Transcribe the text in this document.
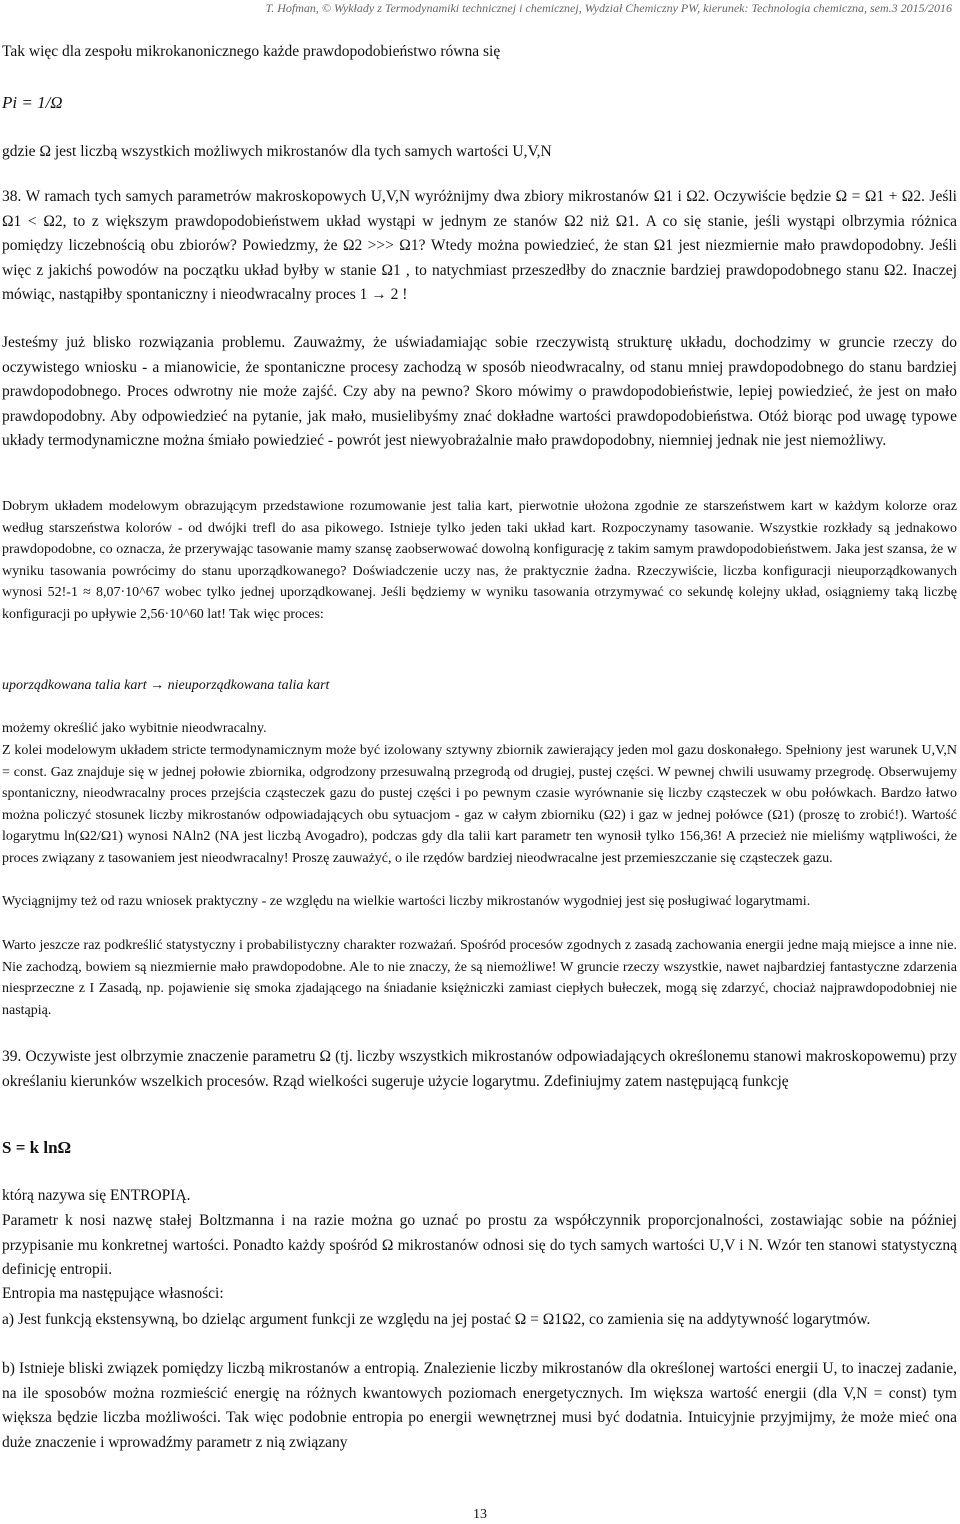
T. Hofman, © Wykłady z Termodynamiki technicznej i chemicznej, Wydział Chemiczny PW, kierunek: Technologia chemiczna, sem.3 2015/2016

Tak więc dla zespołu mikrokanonicznego każde prawdopodobieństwo równa się

Pi = 1/Ω

gdzie Ω jest liczbą wszystkich możliwych mikrostanów dla tych samych wartości U,V,N

38. W ramach tych samych parametrów makroskopowych U,V,N wyróżnijmy dwa zbiory mikrostanów Ω1 i Ω2. Oczywiście będzie Ω = Ω1 + Ω2. Jeśli Ω1 < Ω2, to z większym prawdopodobieństwem układ wystąpi w jednym ze stanów Ω2 niż Ω1. A co się stanie, jeśli wystąpi olbrzymia różnica pomiędzy liczebnością obu zbiorów? Powiedzmy, że Ω2 >>> Ω1? Wtedy można powiedzieć, że stan Ω1 jest niezmiernie mało prawdopodobny. Jeśli więc z jakichś powodów na początku układ byłby w stanie Ω1 , to natychmiast przeszedłby do znacznie bardziej prawdopodobnego stanu Ω2. Inaczej mówiąc, nastąpiłby spontaniczny i nieodwracalny proces 1 → 2 !

Jesteśmy już blisko rozwiązania problemu. Zauważmy, że uświadamiając sobie rzeczywistą strukturę układu, dochodzimy w gruncie rzeczy do oczywistego wniosku - a mianowicie, że spontaniczne procesy zachodzą w sposób nieodwracalny, od stanu mniej prawdopodobnego do stanu bardziej prawdopodobnego. Proces odwrotny nie może zajść. Czy aby na pewno? Skoro mówimy o prawdopodobieństwie, lepiej powiedzieć, że jest on mało prawdopodobny. Aby odpowiedzieć na pytanie, jak mało, musielibyśmy znać dokładne wartości prawdopodobieństwa. Otóż biorąc pod uwagę typowe układy termodynamiczne można śmiało powiedzieć - powrót jest niewyobrażalnie mało prawdopodobny, niemniej jednak nie jest niemożliwy.

Dobrym układem modelowym obrazującym przedstawione rozumowanie jest talia kart, pierwotnie ułożona zgodnie ze starszeństwem kart w każdym kolorze oraz według starszeństwa kolorów - od dwójki trefl do asa pikowego. Istnieje tylko jeden taki układ kart. Rozpoczynamy tasowanie. Wszystkie rozkłady są jednakowo prawdopodobne, co oznacza, że przerywając tasowanie mamy szansę zaobserwować dowolną konfigurację z takim samym prawdopodobieństwem. Jaka jest szansa, że w wyniku tasowania powrócimy do stanu uporządkowanego? Doświadczenie uczy nas, że praktycznie żadna. Rzeczywiście, liczba konfiguracji nieuporządkowanych wynosi 52!-1 ≈ 8,07·10^67 wobec tylko jednej uporządkowanej. Jeśli będziemy w wyniku tasowania otrzymywać co sekundę kolejny układ, osiągniemy taką liczbę konfiguracji po upływie 2,56·10^60 lat! Tak więc proces:

uporządkowana talia kart → nieuporządkowana talia kart

możemy określić jako wybitnie nieodwracalny.

Z kolei modelowym układem stricte termodynamicznym może być izolowany sztywny zbiornik zawierający jeden mol gazu doskonałego. Spełniony jest warunek U,V,N = const. Gaz znajduje się w jednej połowie zbiornika, odgrodzony przesuwalną przegrodą od drugiej, pustej części. W pewnej chwili usuwamy przegrodę. Obserwujemy spontaniczny, nieodwracalny proces przejścia cząsteczek gazu do pustej części i po pewnym czasie wyrównanie się liczby cząsteczek w obu połówkach. Bardzo łatwo można policzyć stosunek liczby mikrostanów odpowiadających obu sytuacjom - gaz w całym zbiorniku (Ω2) i gaz w jednej połówce (Ω1) (proszę to zrobić!). Wartość logarytmu ln(Ω2/Ω1) wynosi NAln2 (NA jest liczbą Avogadro), podczas gdy dla talii kart parametr ten wynosił tylko 156,36! A przecież nie mieliśmy wątpliwości, że proces związany z tasowaniem jest nieodwracalny! Proszę zauważyć, o ile rzędów bardziej nieodwracalne jest przemieszczanie się cząsteczek gazu.

Wyciągnijmy też od razu wniosek praktyczny - ze względu na wielkie wartości liczby mikrostanów wygodniej jest się posługiwać logarytmami.

Warto jeszcze raz podkreślić statystyczny i probabilistyczny charakter rozważań. Spośród procesów zgodnych z zasadą zachowania energii jedne mają miejsce a inne nie. Nie zachodzą, bowiem są niezmiernie mało prawdopodobne. Ale to nie znaczy, że są niemożliwe! W gruncie rzeczy wszystkie, nawet najbardziej fantastyczne zdarzenia niesprzeczne z I Zasadą, np. pojawienie się smoka zjadającego na śniadanie księżniczki zamiast ciepłych bułeczek, mogą się zdarzyć, chociaż najprawdopodobniej nie nastąpią.

39. Oczywiste jest olbrzymie znaczenie parametru Ω (tj. liczby wszystkich mikrostanów odpowiadających określonemu stanowi makroskopowemu) przy określaniu kierunków wszelkich procesów. Rząd wielkości sugeruje użycie logarytmu. Zdefiniujmy zatem następującą funkcję

S = k lnΩ

którą nazywa się ENTROPIĄ.

Parametr k nosi nazwę stałej Boltzmanna i na razie można go uznać po prostu za współczynnik proporcjonalności, zostawiając sobie na później przypisanie mu konkretnej wartości. Ponadto każdy spośród Ω mikrostanów odnosi się do tych samych wartości U,V i N. Wzór ten stanowi statystyczną definicję entropii.

Entropia ma następujące własności:

a) Jest funkcją ekstensywną, bo dzieląc argument funkcji ze względu na jej postać Ω = Ω1Ω2, co zamienia się na addytywność logarytmów.

b) Istnieje bliski związek pomiędzy liczbą mikrostanów a entropią. Znalezienie liczby mikrostanów dla określonej wartości energii U, to inaczej zadanie, na ile sposobów można rozmieścić energię na różnych kwantowych poziomach energetycznych. Im większa wartość energii (dla V,N = const) tym większa będzie liczba możliwości. Tak więc podobnie entropia po energii wewnętrznej musi być dodatnia. Intuicyjnie przyjmijmy, że może mieć ona duże znaczenie i wprowadźmy parametr z nią związany

13
